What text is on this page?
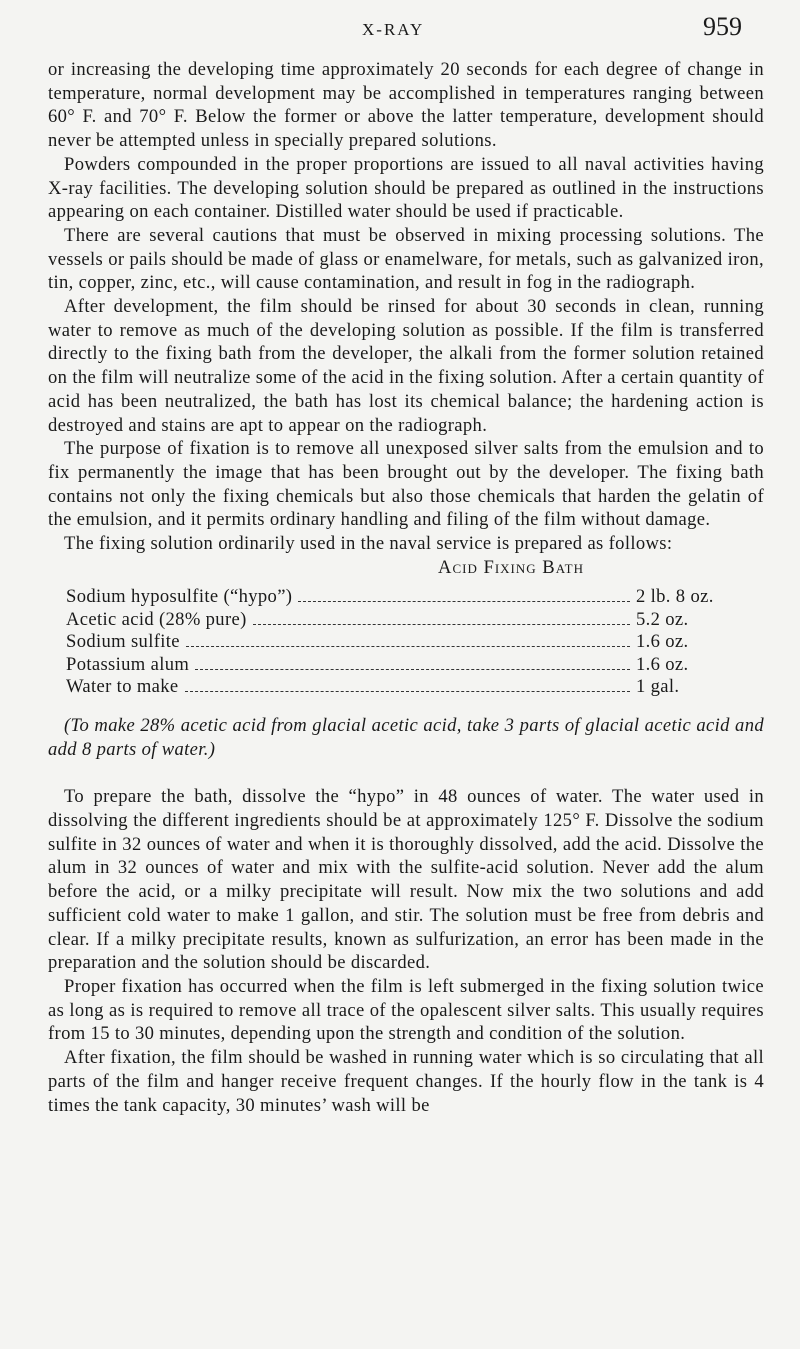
X-RAY	959

or increasing the developing time approximately 20 seconds for each degree of change in temperature, normal development may be accomplished in temperatures ranging between 60° F. and 70° F. Below the former or above the latter temperature, development should never be attempted unless in specially prepared solutions.

Powders compounded in the proper proportions are issued to all naval activities having X-ray facilities. The developing solution should be prepared as outlined in the instructions appearing on each container. Distilled water should be used if practicable.

There are several cautions that must be observed in mixing processing solutions. The vessels or pails should be made of glass or enamelware, for metals, such as galvanized iron, tin, copper, zinc, etc., will cause contamination, and result in fog in the radiograph.

After development, the film should be rinsed for about 30 seconds in clean, running water to remove as much of the developing solution as possible. If the film is transferred directly to the fixing bath from the developer, the alkali from the former solution retained on the film will neutralize some of the acid in the fixing solution. After a certain quantity of acid has been neutralized, the bath has lost its chemical balance; the hardening action is destroyed and stains are apt to appear on the radiograph.

The purpose of fixation is to remove all unexposed silver salts from the emulsion and to fix permanently the image that has been brought out by the developer. The fixing bath contains not only the fixing chemicals but also those chemicals that harden the gelatin of the emulsion, and it permits ordinary handling and filing of the film without damage.

The fixing solution ordinarily used in the naval service is prepared as follows:

Acid Fixing Bath

Sodium hyposulfite (“hypo”)	2 lb. 8 oz.
Acetic acid (28% pure)	5.2 oz.
Sodium sulfite	1.6 oz.
Potassium alum	1.6 oz.
Water to make	1 gal.

(To make 28% acetic acid from glacial acetic acid, take 3 parts of glacial acetic acid and add 8 parts of water.)

To prepare the bath, dissolve the “hypo” in 48 ounces of water. The water used in dissolving the different ingredients should be at approximately 125° F. Dissolve the sodium sulfite in 32 ounces of water and when it is thoroughly dissolved, add the acid. Dissolve the alum in 32 ounces of water and mix with the sulfite-acid solution. Never add the alum before the acid, or a milky precipitate will result. Now mix the two solutions and add sufficient cold water to make 1 gallon, and stir. The solution must be free from debris and clear. If a milky precipitate results, known as sulfurization, an error has been made in the preparation and the solution should be discarded.

Proper fixation has occurred when the film is left submerged in the fixing solution twice as long as is required to remove all trace of the opalescent silver salts. This usually requires from 15 to 30 minutes, depending upon the strength and condition of the solution.

After fixation, the film should be washed in running water which is so circulating that all parts of the film and hanger receive frequent changes. If the hourly flow in the tank is 4 times the tank capacity, 30 minutes’ wash will be
